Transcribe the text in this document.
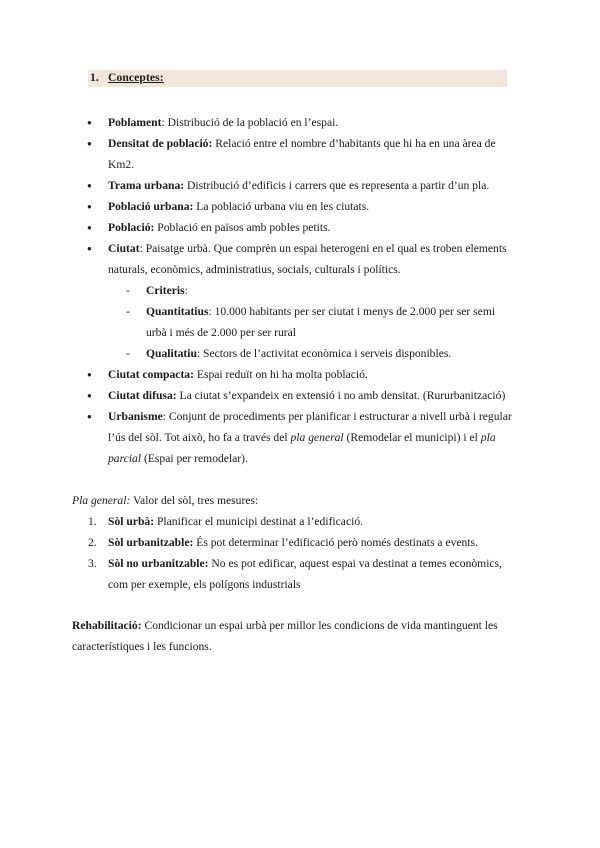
1. Conceptes:
● Poblament: Distribució de la població en l’espai.
● Densitat de població: Relació entre el nombre d’habitants que hi ha en una àrea de Km2.
● Trama urbana: Distribució d’edificis i carrers que es representa a partir d’un pla.
● Població urbana: La població urbana viu en les ciutats.
● Població: Població en països amb pobles petits.
● Ciutat: Paisatge urbà. Que comprèn un espai heterogeni en el qual es troben elements naturals, econòmics, administratius, socials, culturals i polítics.
- Criteris:
- Quantitatius: 10.000 habitants per ser ciutat i menys de 2.000 per ser semi urbà i més de 2.000 per ser rural
- Qualitatiu: Sectors de l’activitat econòmica i serveis disponibles.
● Ciutat compacta: Espai reduït on hi ha molta població.
● Ciutat difusa: La ciutat s’expandeix en extensió i no amb densitat. (Rururbanització)
● Urbanisme: Conjunt de procediments per planificar i estructurar a nivell urbà i regular l’ús del sòl. Tot això, ho fa a través del pla general (Remodelar el municipi) i el pla parcial (Espai per remodelar).
Pla general: Valor del sòl, tres mesures:
1. Sòl urbà: Planificar el municipi destinat a l’edificació.
2. Sòl urbanitzable: És pot determinar l’edificació però només destinats a events.
3. Sòl no urbanitzable: No es pot edificar, aquest espai va destinat a temes econòmics, com per exemple, els polígons industrials
Rehabilitació: Condicionar un espai urbà per millor les condicions de vida mantinguent les característiques i les funcions.
